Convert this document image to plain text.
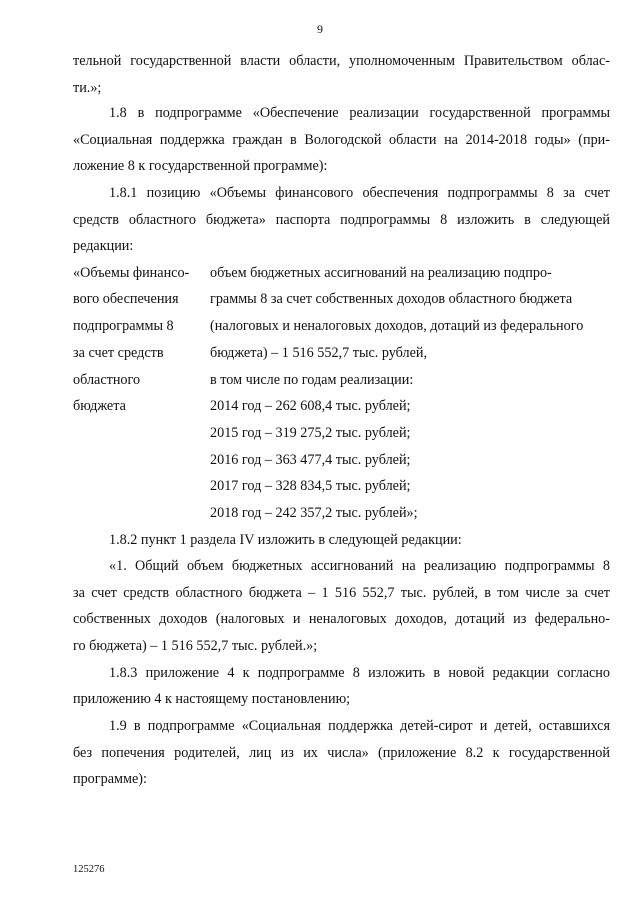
9
тельной государственной власти области, уполномоченным Правительством облас-
ти.»;
1.8 в подпрограмме «Обеспечение реализации государственной программы
«Социальная поддержка граждан в Вологодской области на 2014-2018 годы» (при-
ложение 8 к государственной программе):
1.8.1 позицию «Объемы финансового обеспечения подпрограммы 8 за счет
средств областного бюджета» паспорта подпрограммы 8 изложить в следующей
редакции:
«Объемы финансо-
вого обеспечения
подпрограммы 8
за счет средств
областного
бюджета
объем бюджетных ассигнований на реализацию подпро-
граммы 8 за счет собственных доходов областного бюджета
(налоговых и неналоговых доходов, дотаций из федерального
бюджета) – 1 516 552,7 тыс. рублей,
в том числе по годам реализации:
2014 год – 262 608,4 тыс. рублей;
2015 год – 319 275,2 тыс. рублей;
2016 год – 363 477,4 тыс. рублей;
2017 год – 328 834,5 тыс. рублей;
2018 год – 242 357,2 тыс. рублей»;
1.8.2 пункт 1 раздела IV изложить в следующей редакции:
«1. Общий объем бюджетных ассигнований на реализацию подпрограммы 8
за счет средств областного бюджета – 1 516 552,7 тыс. рублей, в том числе за счет
собственных доходов (налоговых и неналоговых доходов, дотаций из федерально-
го бюджета) – 1 516 552,7 тыс. рублей.»;
1.8.3 приложение 4 к подпрограмме 8 изложить в новой редакции согласно
приложению 4 к настоящему постановлению;
1.9 в подпрограмме «Социальная поддержка детей-сирот и детей, оставшихся
без попечения родителей, лиц из их числа» (приложение 8.2 к государственной
программе):
125276
